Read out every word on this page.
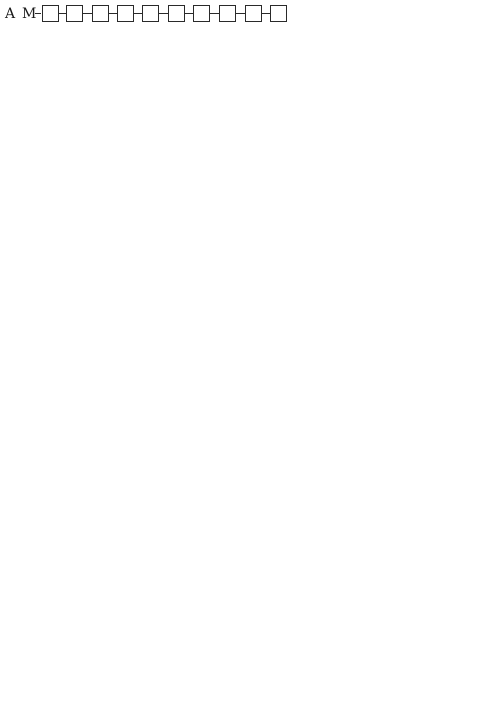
A M
